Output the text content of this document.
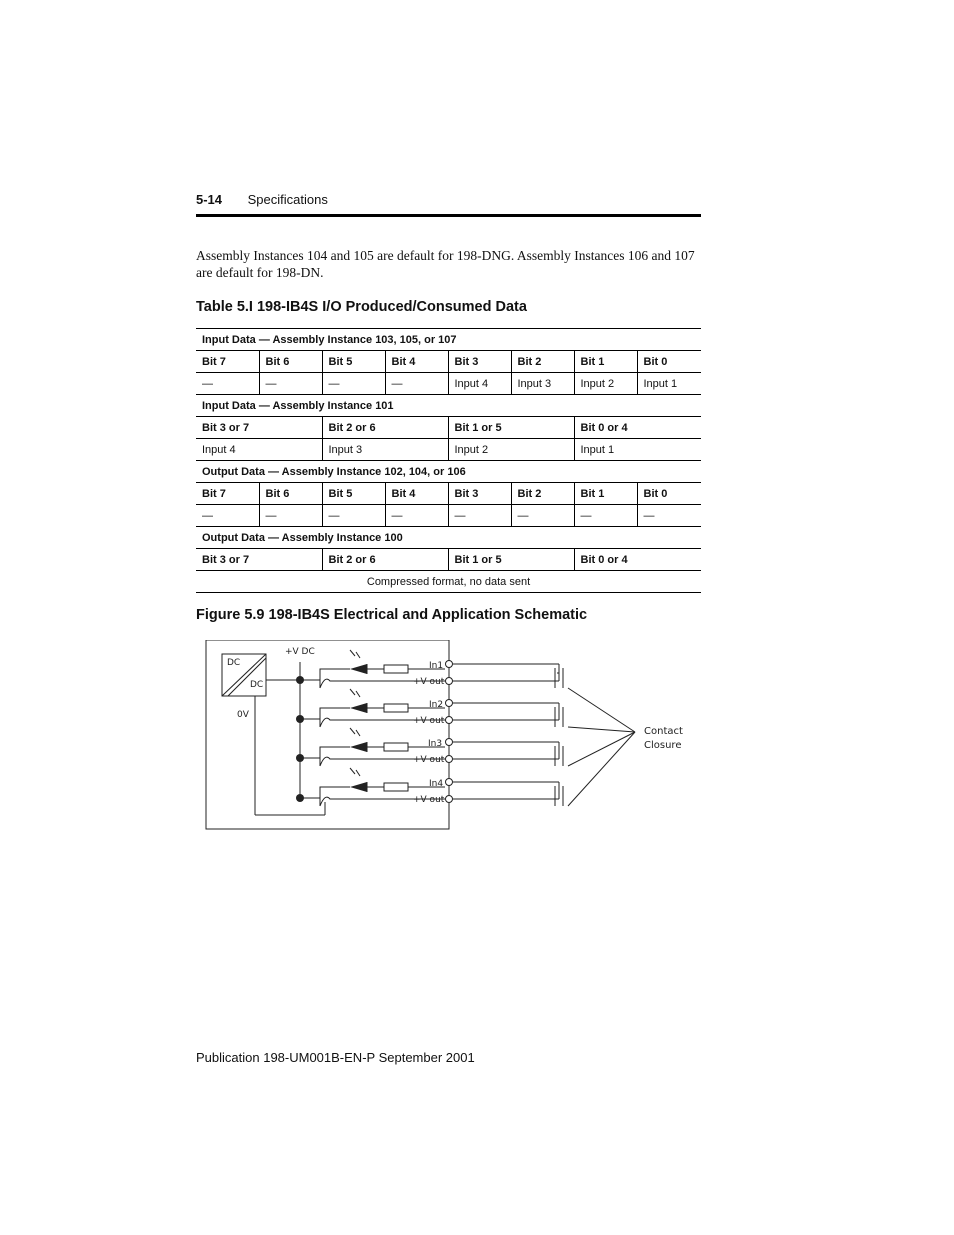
5-14 Specifications
Assembly Instances 104 and 105 are default for 198-DNG. Assembly Instances 106 and 107 are default for 198-DN.
Table 5.I 198-IB4S I/O Produced/Consumed Data
Input Data — Assembly Instance 103, 105, or 107							
Bit 7	Bit 6	Bit 5	Bit 4	Bit 3	Bit 2	Bit 1	Bit 0
—	—	—	—	Input 4	Input 3	Input 2	Input 1
Input Data — Assembly Instance 101							
Bit 3 or 7		Bit 2 or 6		Bit 1 or 5		Bit 0 or 4	
Input 4		Input 3		Input 2		Input 1	
Output Data — Assembly Instance 102, 104, or 106							
Bit 7	Bit 6	Bit 5	Bit 4	Bit 3	Bit 2	Bit 1	Bit 0
—	—	—	—	—	—	—	—
Output Data — Assembly Instance 100							
Bit 3 or 7		Bit 2 or 6		Bit 1 or 5		Bit 0 or 4	
Compressed format, no data sent							
Figure 5.9 198-IB4S Electrical and Application Schematic
DC
DC
+V DC
0V
In1
+V out
In2
+V out
In3
+V out
In4
+V out
Contact
Closure
Publication 198-UM001B-EN-P September 2001
